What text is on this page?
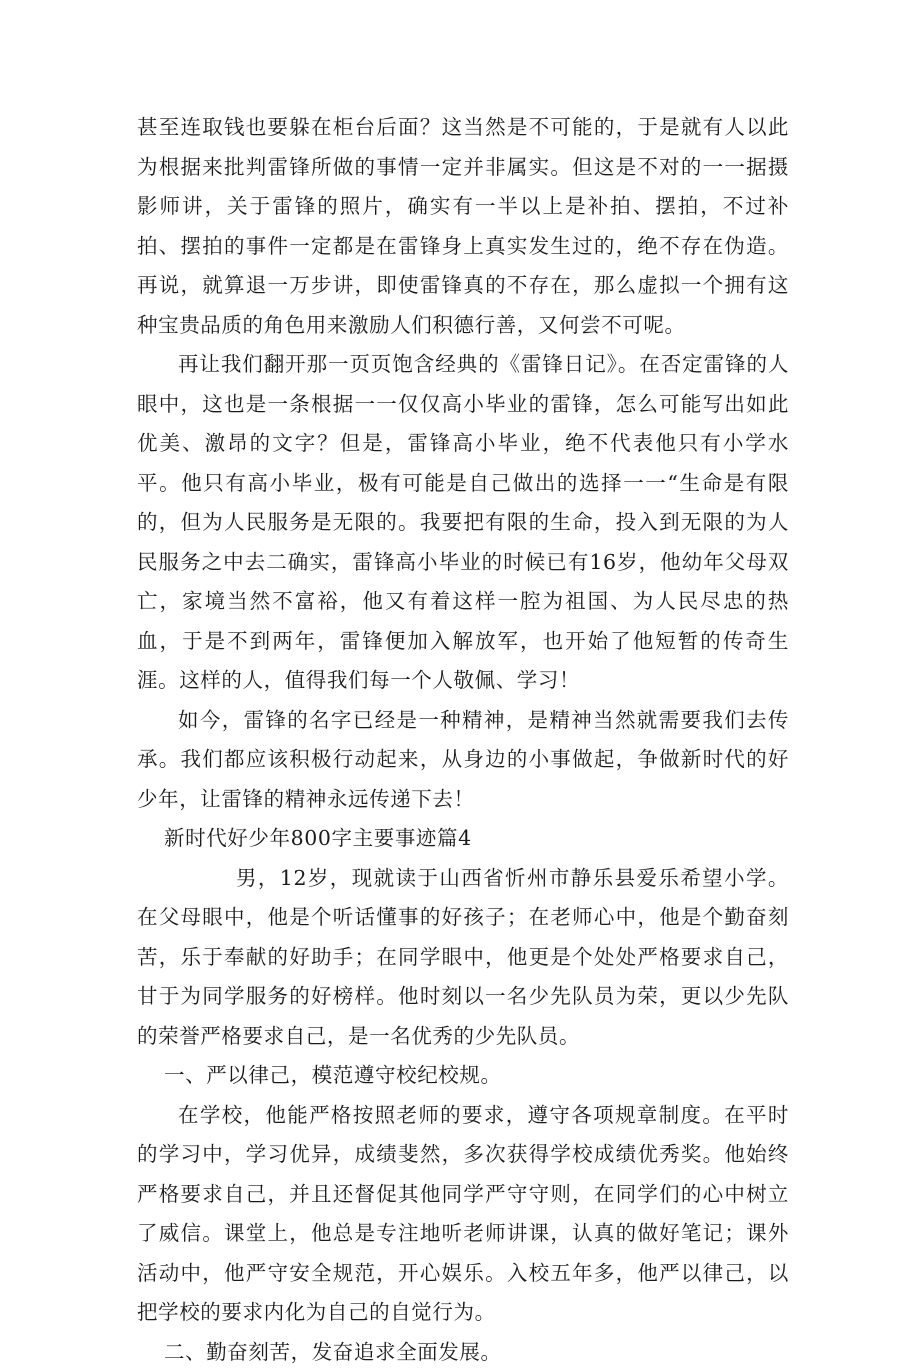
甚至连取钱也要躲在柜台后面？这当然是不可能的，于是就有人以此为根据来批判雷锋所做的事情一定并非属实。但这是不对的一一据摄影师讲，关于雷锋的照片，确实有一半以上是补拍、摆拍，不过补拍、摆拍的事件一定都是在雷锋身上真实发生过的，绝不存在伪造。再说，就算退一万步讲，即使雷锋真的不存在，那么虚拟一个拥有这种宝贵品质的角色用来激励人们积德行善，又何尝不可呢。

再让我们翻开那一页页饱含经典的《雷锋日记》。在否定雷锋的人眼中，这也是一条根据一一仅仅高小毕业的雷锋，怎么可能写出如此优美、激昂的文字？但是，雷锋高小毕业，绝不代表他只有小学水平。他只有高小毕业，极有可能是自己做出的选择一一“生命是有限的，但为人民服务是无限的。我要把有限的生命，投入到无限的为人民服务之中去二确实，雷锋高小毕业的时候已有16岁，他幼年父母双亡，家境当然不富裕，他又有着这样一腔为祖国、为人民尽忠的热血，于是不到两年，雷锋便加入解放军，也开始了他短暂的传奇生涯。这样的人，值得我们每一个人敬佩、学习！

如今，雷锋的名字已经是一种精神，是精神当然就需要我们去传承。我们都应该积极行动起来，从身边的小事做起，争做新时代的好少年，让雷锋的精神永远传递下去！

新时代好少年800字主要事迹篇4

男，12岁，现就读于山西省忻州市静乐县爱乐希望小学。在父母眼中，他是个听话懂事的好孩子；在老师心中，他是个勤奋刻苦，乐于奉献的好助手；在同学眼中，他更是个处处严格要求自己，甘于为同学服务的好榜样。他时刻以一名少先队员为荣，更以少先队的荣誉严格要求自己，是一名优秀的少先队员。

一、严以律己，模范遵守校纪校规。

在学校，他能严格按照老师的要求，遵守各项规章制度。在平时的学习中，学习优异，成绩斐然，多次获得学校成绩优秀奖。他始终严格要求自己，并且还督促其他同学严守守则，在同学们的心中树立了威信。课堂上，他总是专注地听老师讲课，认真的做好笔记；课外活动中，他严守安全规范，开心娱乐。入校五年多，他严以律己，以把学校的要求内化为自己的自觉行为。

二、勤奋刻苦，发奋追求全面发展。
